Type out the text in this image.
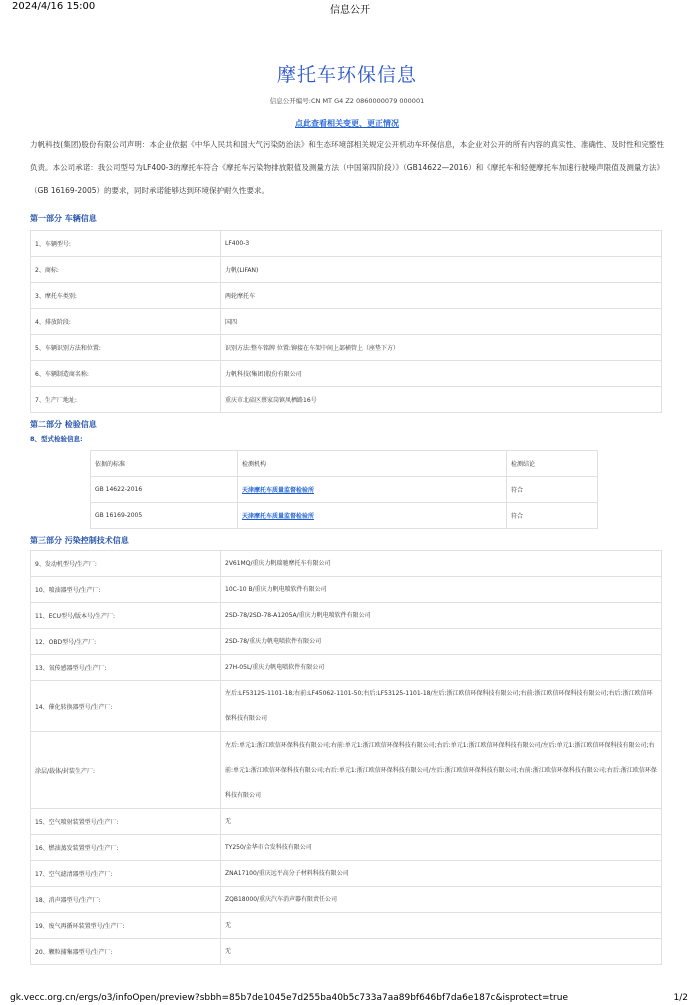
2024/4/16 15:00	信息公开
摩托车环保信息
信息公开编号:CN MT G4 Z2 0860000079 000001
点此查看相关变更、更正情况
力帆科技(集团)股份有限公司声明：本企业依据《中华人民共和国大气污染防治法》和生态环境部相关规定公开机动车环保信息，本企业对公开的所有内容的真实性、准确性、及时性和完整性负责。本公司承诺：我公司型号为LF400-3的摩托车符合《摩托车污染物排放限值及测量方法（中国第四阶段）》（GB14622—2016）和《摩托车和轻便摩托车加速行驶噪声限值及测量方法》（GB 16169-2005）的要求，同时承诺能够达到环境保护耐久性要求。
第一部分 车辆信息
1、车辆型号:	LF400-3
2、商标:	力帆(LIFAN)
3、摩托车类别:	两轮摩托车
4、排放阶段:	国四
5、车辆识别方法和位置:	识别方法:整车铭牌 位置:铆接在车架中间上部横管上（座垫下方）
6、车辆制造商名称:	力帆科技(集团)股份有限公司
7、生产厂地址:	重庆市北碚区蔡家岗镇凤栖路16号
第二部分 检验信息
8、型式检验信息:
依据的标准	检测机构	检测结论
GB 14622-2016	天津摩托车质量监督检验所	符合
GB 16169-2005	天津摩托车质量监督检验所	符合
第三部分 污染控制技术信息
9、发动机型号/生产厂:	2V61MQ/重庆力帆瑞驰摩托车有限公司
10、喷油器型号/生产厂:	10C-10 B/重庆力帆电喷软件有限公司
11、ECU型号/版本号/生产厂:	2SD-78/2SD-78-A1205A/重庆力帆电喷软件有限公司
12、OBD型号/生产厂:	2SD-78/重庆力帆电喷软件有限公司
13、氧传感器型号/生产厂:	27H-05L/重庆力帆电喷软件有限公司
14、催化转换器型号/生产厂:	左后:LF53125-1101-18;右前:LF45062-1101-50;右后:LF53125-1101-18/左后:浙江欧信环保科技有限公司;右前:浙江欧信环保科技有限公司;右后:浙江欧信环保科技有限公司
涂层/载体/封装生产厂:	左后:单元1:浙江欧信环保科技有限公司;右前:单元1:浙江欧信环保科技有限公司;右后:单元1:浙江欧信环保科技有限公司/左后:单元1:浙江欧信环保科技有限公司;右前:单元1:浙江欧信环保科技有限公司;右后:单元1:浙江欧信环保科技有限公司/左后:浙江欧信环保科技有限公司;右前:浙江欧信环保科技有限公司;右后:浙江欧信环保科技有限公司
15、空气喷射装置型号/生产厂:	无
16、燃油蒸发装置型号/生产厂:	TY250/金华市合发科技有限公司
17、空气滤清器型号/生产厂:	ZNA17100/重庆远平高分子材料科技有限公司
18、消声器型号/生产厂:	ZQB18000/重庆汽车消声器有限责任公司
19、废气再循环装置型号/生产厂:	无
20、颗粒捕集器型号/生产厂:	无
gk.vecc.org.cn/ergs/o3/infoOpen/preview?sbbh=85b7de1045e7d255ba40b5c733a7aa89bf646bf7da6e187c&isprotect=true	1/2
